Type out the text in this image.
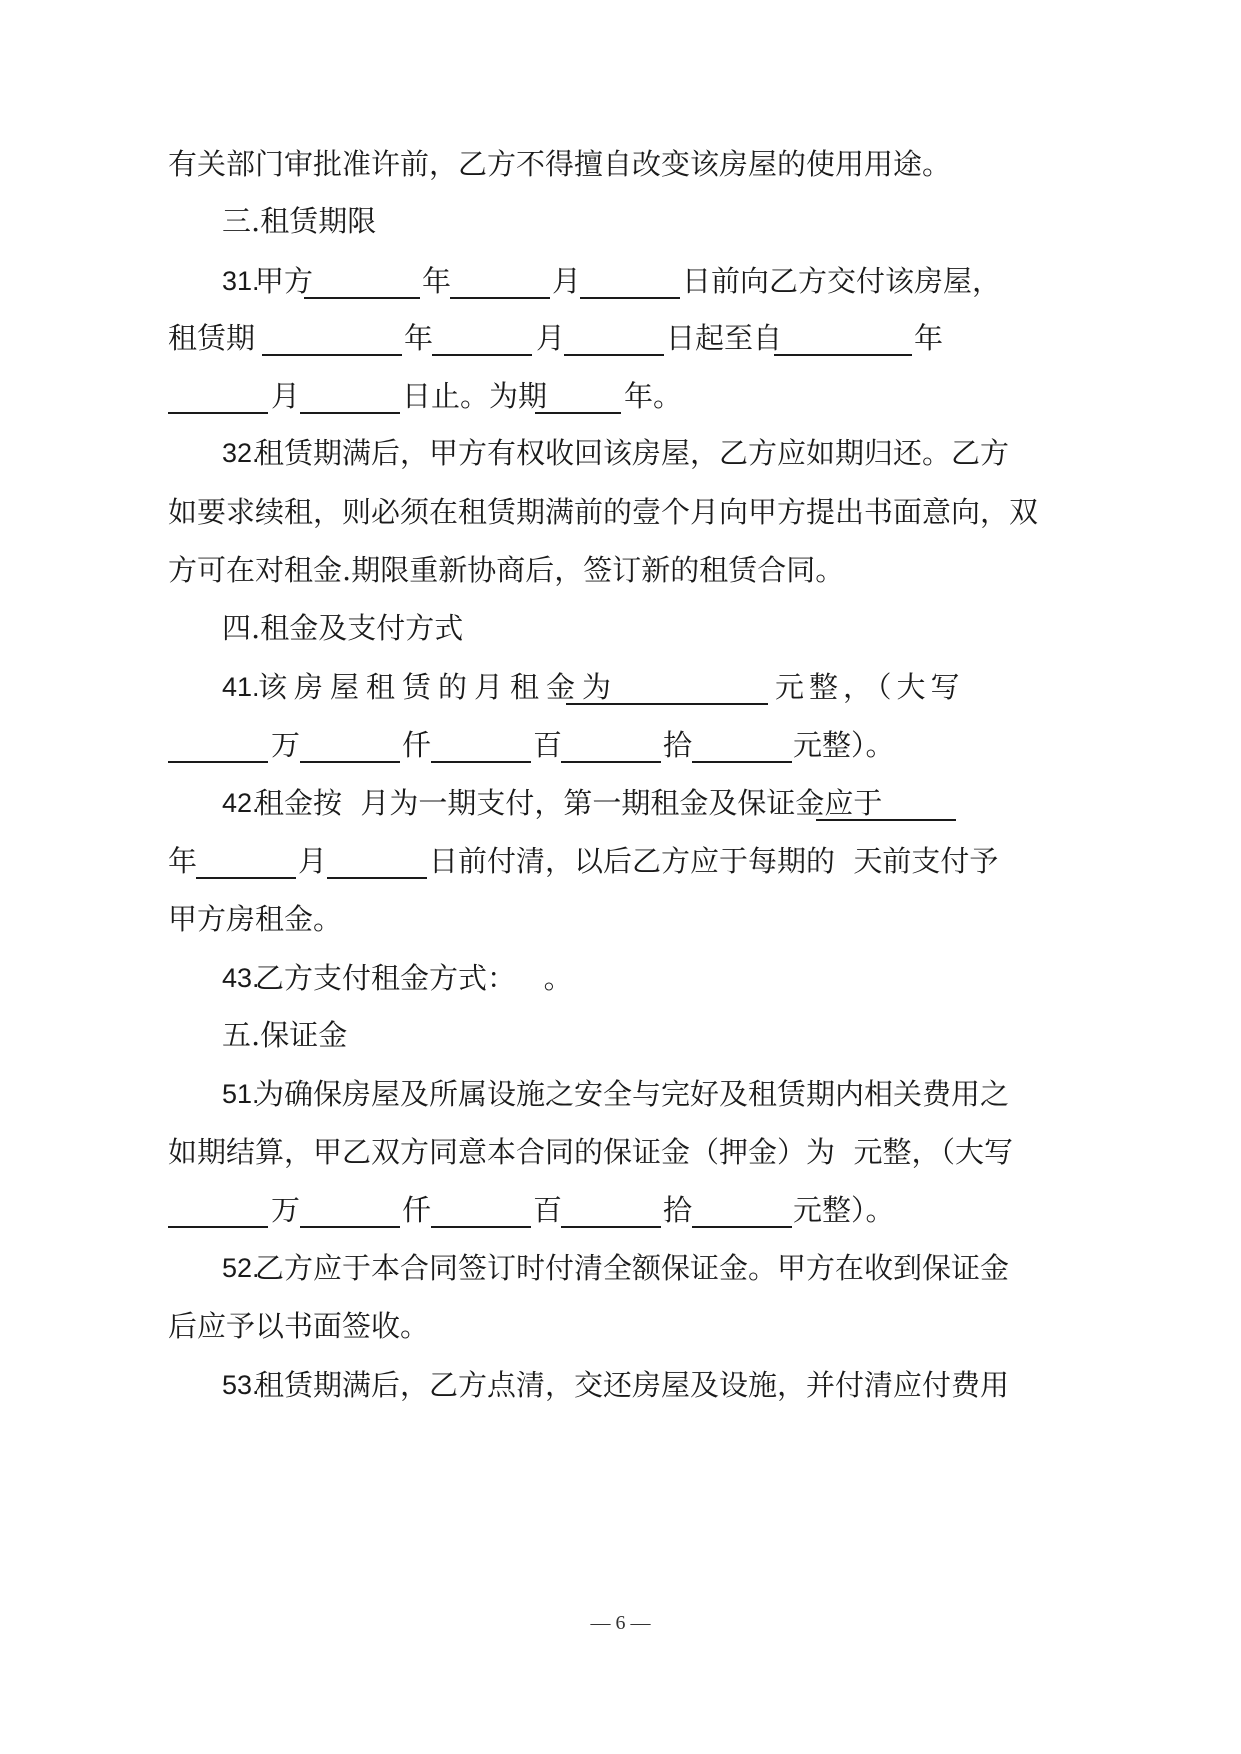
有关部门审批准许前，乙方不得擅自改变该房屋的使用用途。
三.租赁期限
31.
甲方	年	月	日前向乙方交付该房屋，
租赁期	年	月	日起至自	年
月	日止。为期	年。
32.
租赁期满后，甲方有权收回该房屋，乙方应如期归还。乙方
如要求续租，则必须在租赁期满前的壹个月向甲方提出书面意向，双
方可在对租金.期限重新协商后，签订新的租赁合同。
四.租金及支付方式
41.
该房屋租赁的月租金为	元整，（大写
万	仟	百	拾	元整）。
42.
租金按  月为一期支付，第一期租金及保证金应于
年	月	日前付清，以后乙方应于每期的  天前支付予
甲方房租金。
43.
乙方支付租金方式：   。
五.保证金
51.
为确保房屋及所属设施之安全与完好及租赁期内相关费用之
如期结算，甲乙双方同意本合同的保证金（押金）为  元整，（大写
万	仟	百	拾	元整）。
52.
乙方应于本合同签订时付清全额保证金。甲方在收到保证金
后应予以书面签收。
53.
租赁期满后，乙方点清，交还房屋及设施，并付清应付费用
— 6 —
